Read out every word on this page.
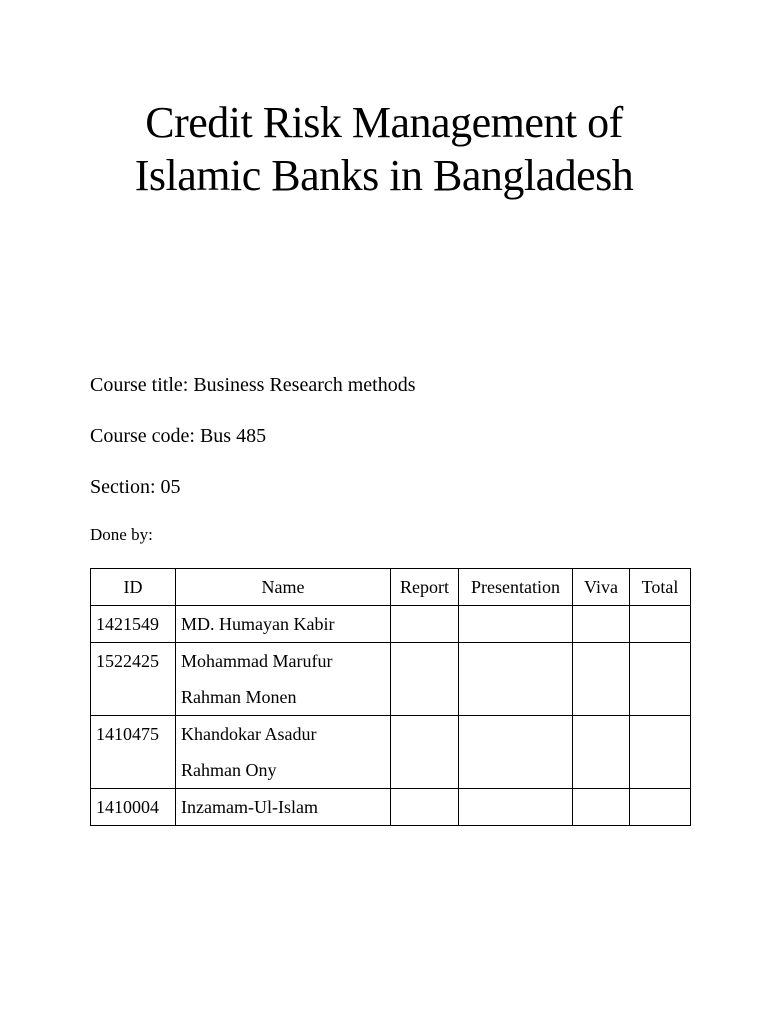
Credit Risk Management of
Islamic Banks in Bangladesh
Course title: Business Research methods
Course code: Bus 485
Section: 05
Done by:
ID	Name	Report	Presentation	Viva	Total
1421549	MD. Humayan Kabir				

1522425	Mohammad Marufur
Rahman Monen				

1410475	Khandokar Asadur
Rahman Ony				

1410004	Inzamam-Ul-Islam				
